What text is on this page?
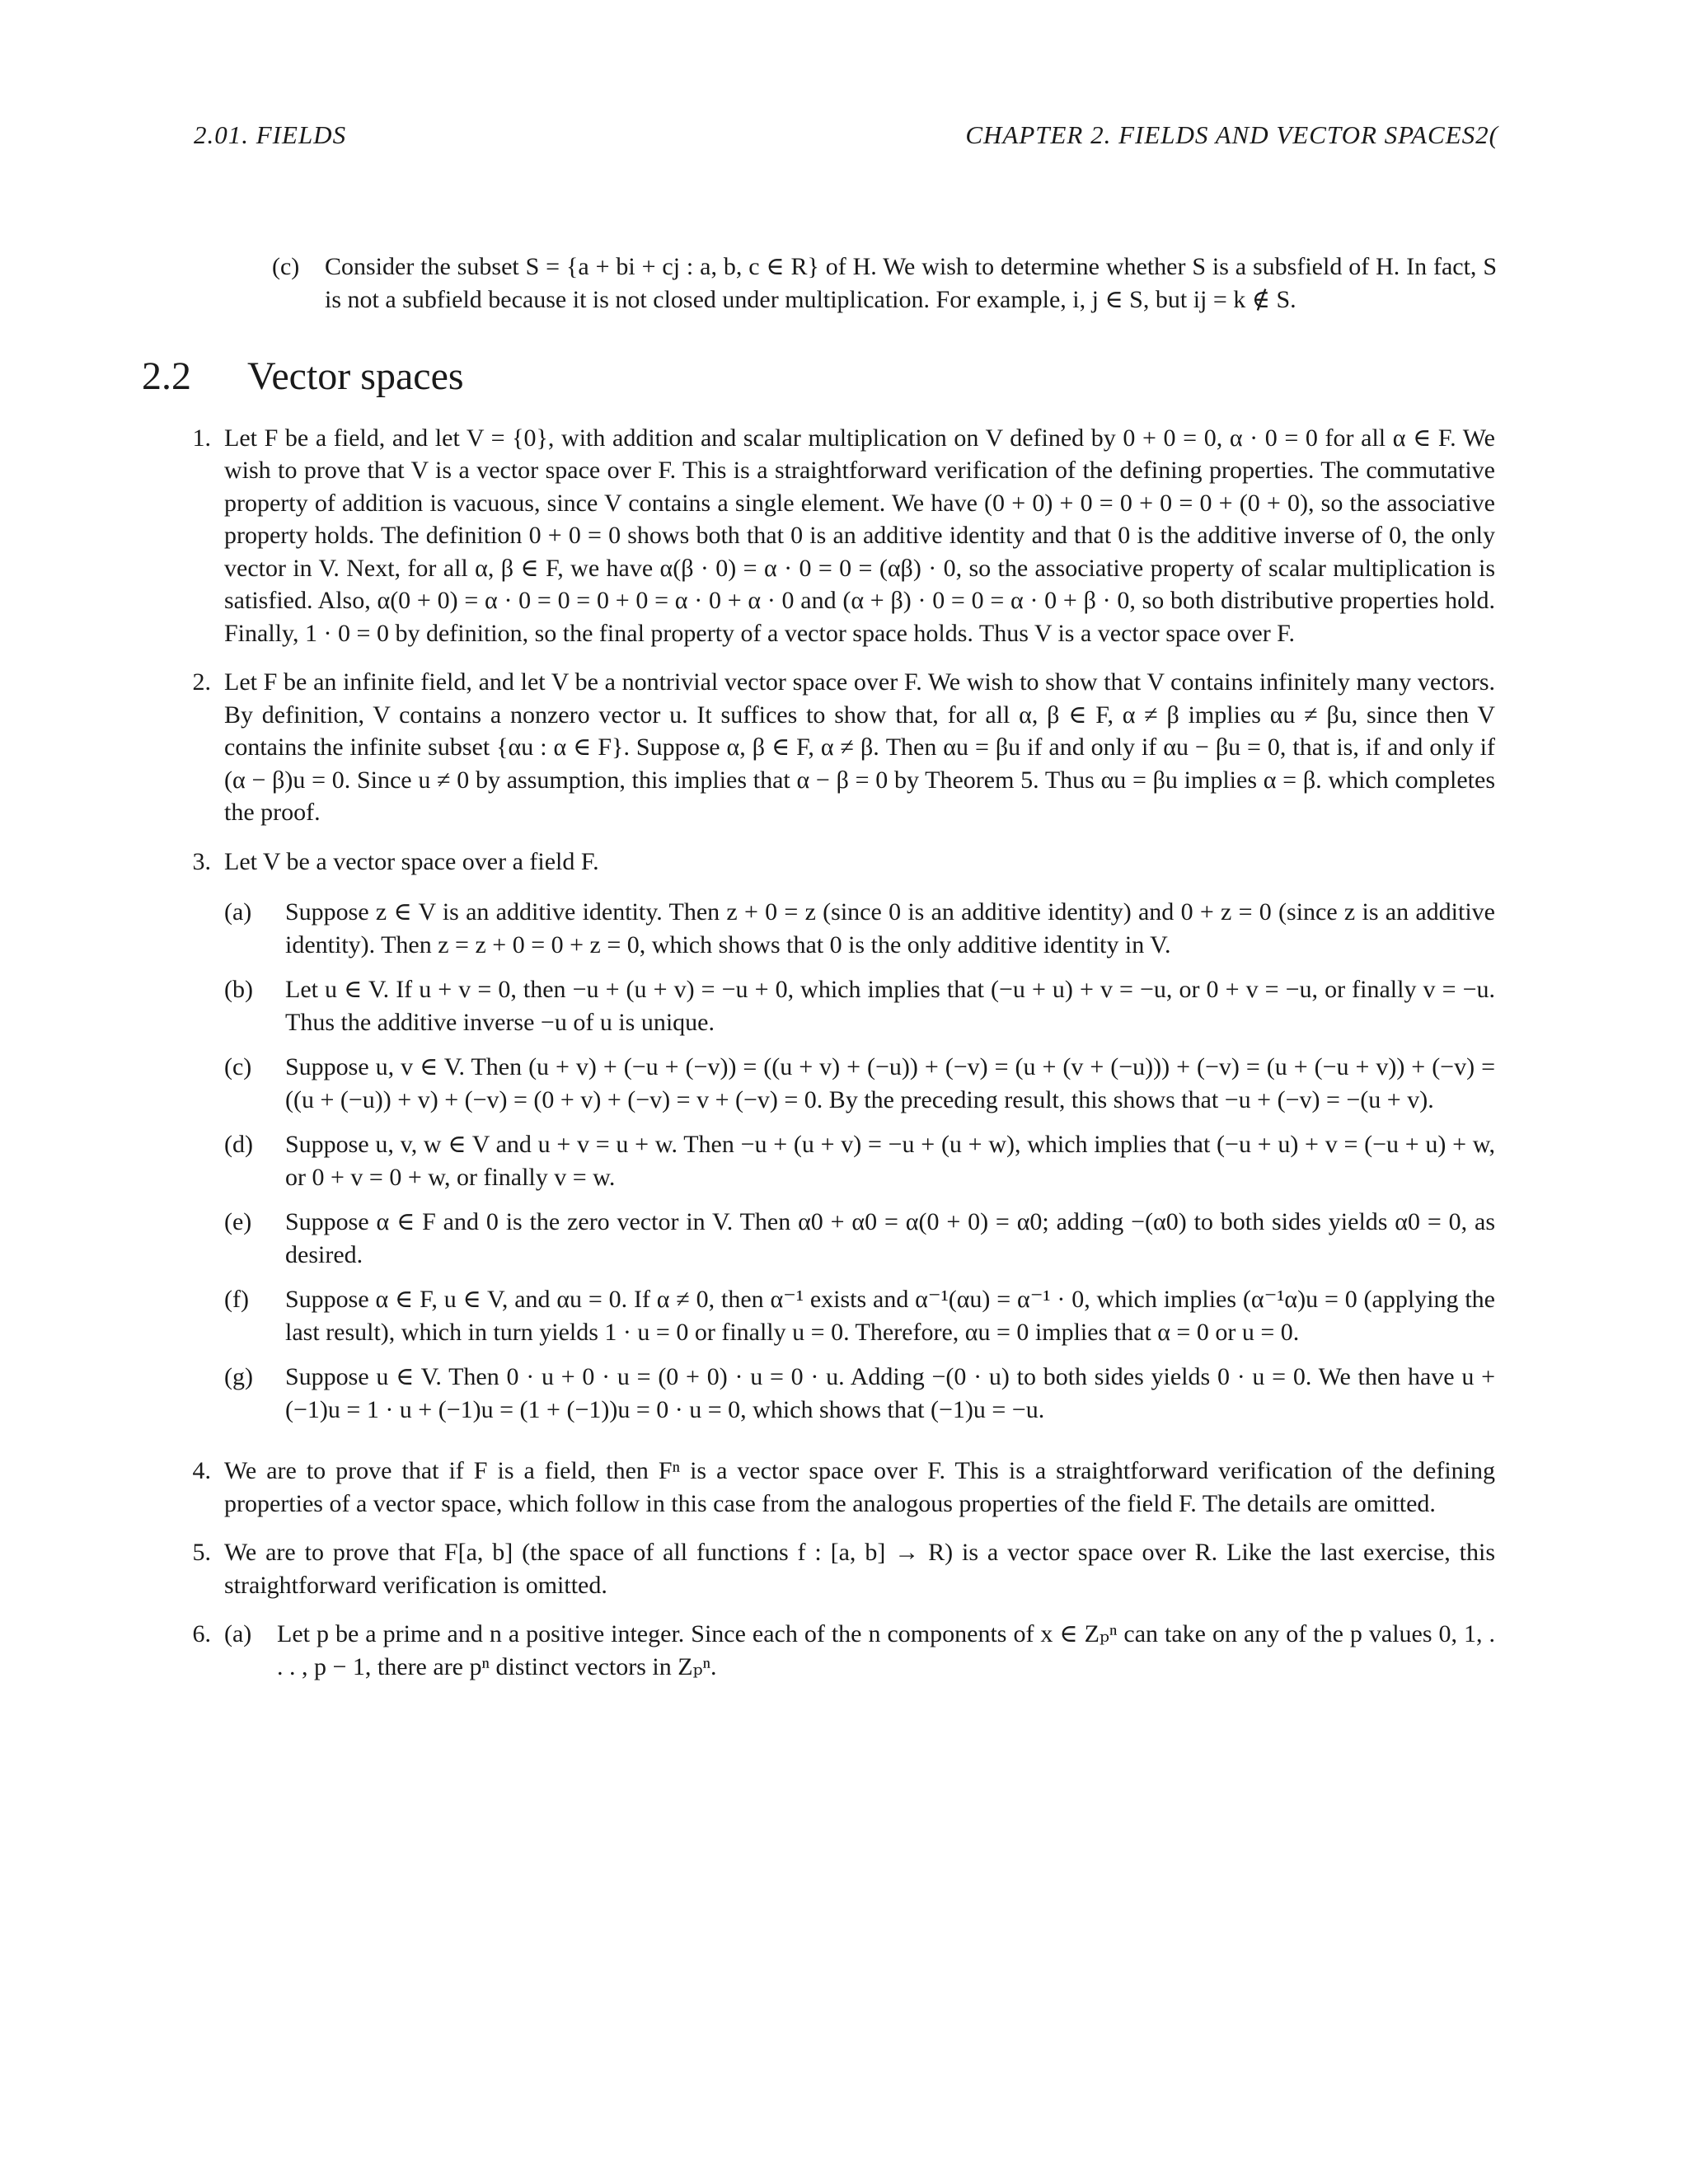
2.01. FIELDS	CHAPTER 2. FIELDS AND VECTOR SPACES2(
(c)	Consider the subset S = {a + bi + cj : a, b, c ∈ R} of H. We wish to determine whether S is a subsfield of H. In fact, S is not a subfield because it is not closed under multiplication. For example, i, j ∈ S, but ij = k ∉ S.
2.2	Vector spaces
1. Let F be a field, and let V = {0}, with addition and scalar multiplication on V defined by 0 + 0 = 0, α · 0 = 0 for all α ∈ F. We wish to prove that V is a vector space over F. This is a straightforward verification of the defining properties. The commutative property of addition is vacuous, since V contains a single element. We have (0 + 0) + 0 = 0 + 0 = 0 + (0 + 0), so the associative property holds. The definition 0 + 0 = 0 shows both that 0 is an additive identity and that 0 is the additive inverse of 0, the only vector in V. Next, for all α, β ∈ F, we have α(β · 0) = α · 0 = 0 = (αβ) · 0, so the associative property of scalar multiplication is satisfied. Also, α(0 + 0) = α · 0 = 0 = 0 + 0 = α · 0 + α · 0 and (α + β) · 0 = 0 = α · 0 + β · 0, so both distributive properties hold. Finally, 1 · 0 = 0 by definition, so the final property of a vector space holds. Thus V is a vector space over F.
2. Let F be an infinite field, and let V be a nontrivial vector space over F. We wish to show that V contains infinitely many vectors. By definition, V contains a nonzero vector u. It suffices to show that, for all α, β ∈ F, α ≠ β implies αu ≠ βu, since then V contains the infinite subset {αu : α ∈ F}. Suppose α, β ∈ F, α ≠ β. Then αu = βu if and only if αu − βu = 0, that is, if and only if (α − β)u = 0. Since u ≠ 0 by assumption, this implies that α − β = 0 by Theorem 5. Thus αu = βu implies α = β. which completes the proof.
3. Let V be a vector space over a field F.
(a)	Suppose z ∈ V is an additive identity. Then z + 0 = z (since 0 is an additive identity) and 0 + z = 0 (since z is an additive identity). Then z = z + 0 = 0 + z = 0, which shows that 0 is the only additive identity in V.
(b)	Let u ∈ V. If u + v = 0, then −u + (u + v) = −u + 0, which implies that (−u + u) + v = −u, or 0 + v = −u, or finally v = −u. Thus the additive inverse −u of u is unique.
(c)	Suppose u, v ∈ V. Then (u + v) + (−u + (−v)) = ((u + v) + (−u)) + (−v) = (u + (v + (−u))) + (−v) = (u + (−u + v)) + (−v) = ((u + (−u)) + v) + (−v) = (0 + v) + (−v) = v + (−v) = 0. By the preceding result, this shows that −u + (−v) = −(u + v).
(d)	Suppose u, v, w ∈ V and u + v = u + w. Then −u + (u + v) = −u + (u + w), which implies that (−u + u) + v = (−u + u) + w, or 0 + v = 0 + w, or finally v = w.
(e)	Suppose α ∈ F and 0 is the zero vector in V. Then α0 + α0 = α(0 + 0) = α0; adding −(α0) to both sides yields α0 = 0, as desired.
(f)	Suppose α ∈ F, u ∈ V, and αu = 0. If α ≠ 0, then α⁻¹ exists and α⁻¹(αu) = α⁻¹ · 0, which implies (α⁻¹α)u = 0 (applying the last result), which in turn yields 1 · u = 0 or finally u = 0. Therefore, αu = 0 implies that α = 0 or u = 0.
(g)	Suppose u ∈ V. Then 0 · u + 0 · u = (0 + 0) · u = 0 · u. Adding −(0 · u) to both sides yields 0 · u = 0. We then have u + (−1)u = 1 · u + (−1)u = (1 + (−1))u = 0 · u = 0, which shows that (−1)u = −u.
4. We are to prove that if F is a field, then Fⁿ is a vector space over F. This is a straightforward verification of the defining properties of a vector space, which follow in this case from the analogous properties of the field F. The details are omitted.
5. We are to prove that F[a, b] (the space of all functions f : [a, b] → R) is a vector space over R. Like the last exercise, this straightforward verification is omitted.
6. (a)	Let p be a prime and n a positive integer. Since each of the n components of x ∈ Zₚⁿ can take on any of the p values 0, 1, . . . , p − 1, there are pⁿ distinct vectors in Zₚⁿ.
